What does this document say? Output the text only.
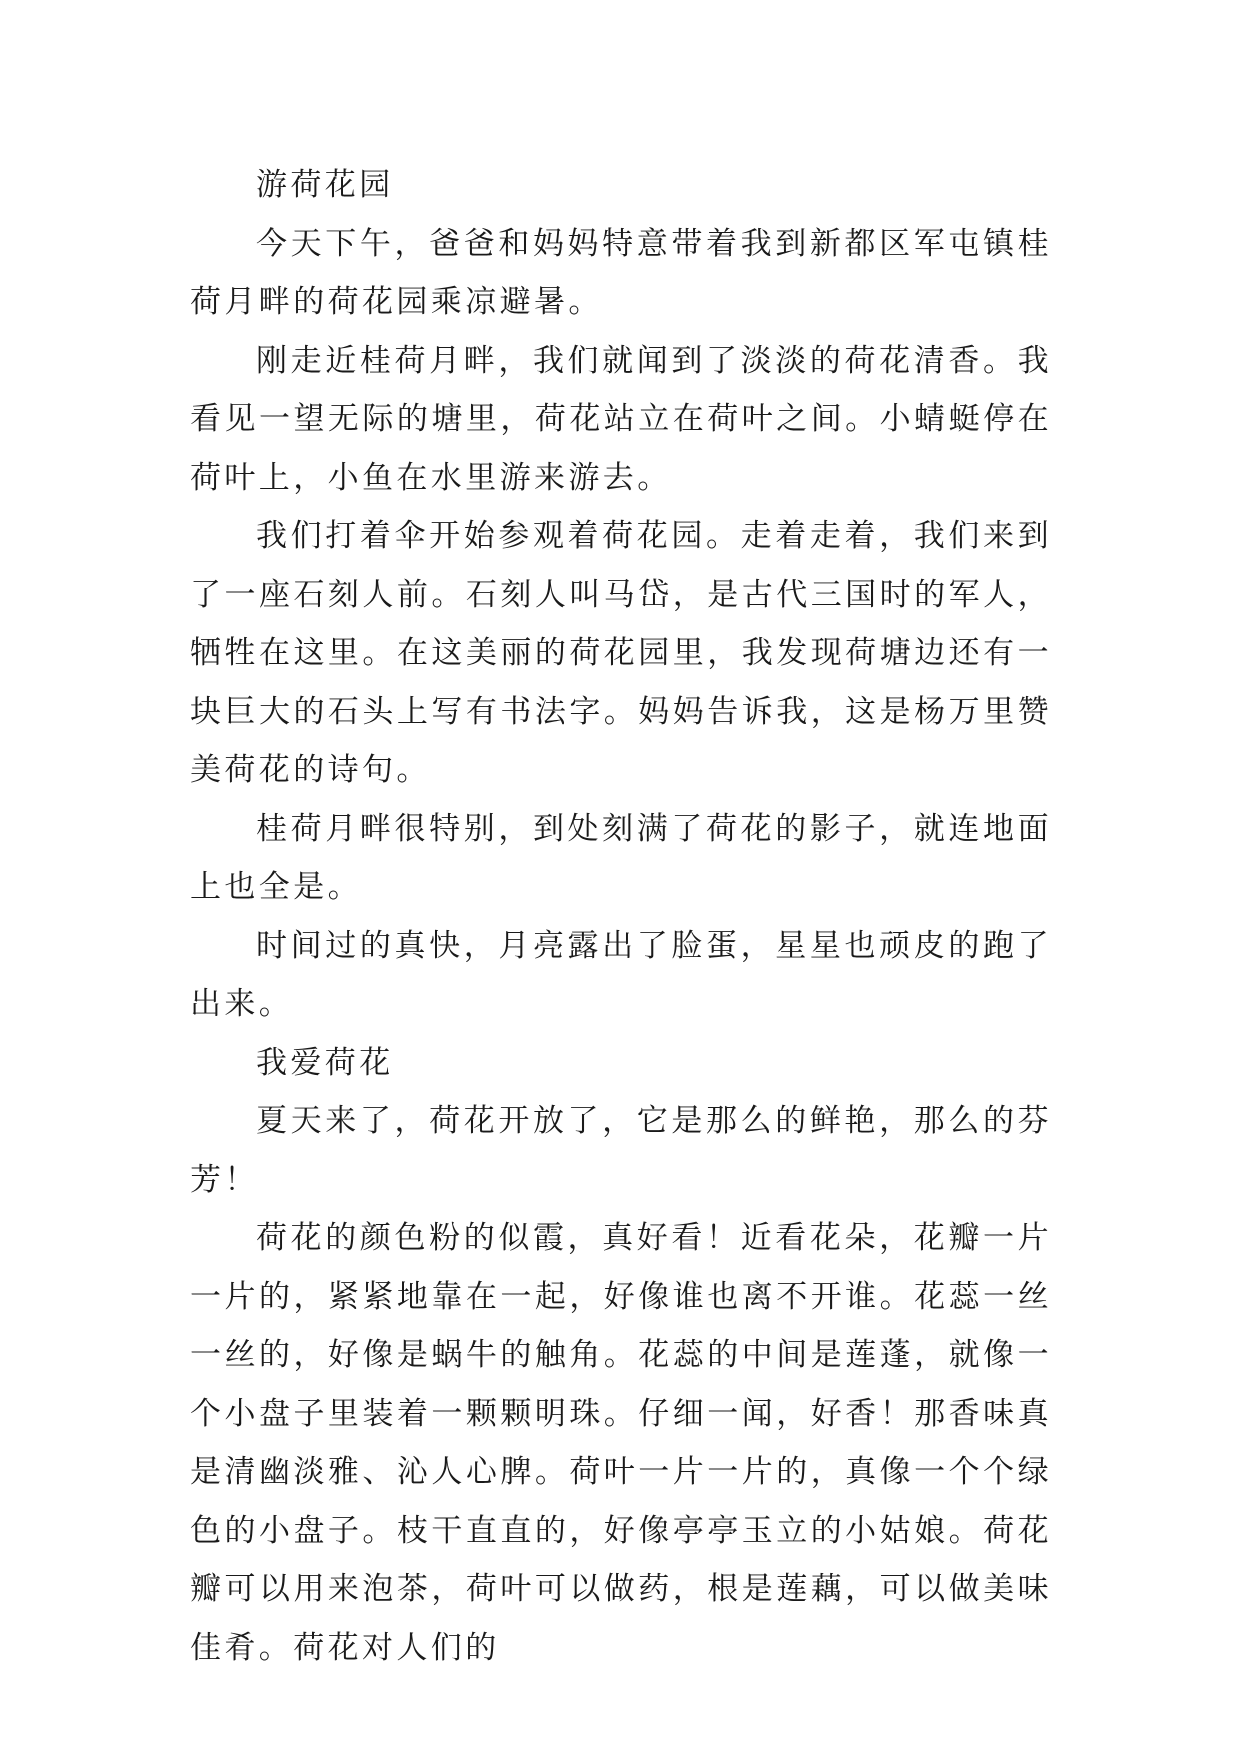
游荷花园

今天下午，爸爸和妈妈特意带着我到新都区军屯镇桂荷月畔的荷花园乘凉避暑。

刚走近桂荷月畔，我们就闻到了淡淡的荷花清香。我看见一望无际的塘里，荷花站立在荷叶之间。小蜻蜓停在荷叶上，小鱼在水里游来游去。

我们打着伞开始参观着荷花园。走着走着，我们来到了一座石刻人前。石刻人叫马岱，是古代三国时的军人，牺牲在这里。在这美丽的荷花园里，我发现荷塘边还有一块巨大的石头上写有书法字。妈妈告诉我，这是杨万里赞美荷花的诗句。

桂荷月畔很特别，到处刻满了荷花的影子，就连地面上也全是。

时间过的真快，月亮露出了脸蛋，星星也顽皮的跑了出来。

我爱荷花

夏天来了，荷花开放了，它是那么的鲜艳，那么的芬芳！

荷花的颜色粉的似霞，真好看！近看花朵，花瓣一片一片的，紧紧地靠在一起，好像谁也离不开谁。花蕊一丝一丝的，好像是蜗牛的触角。花蕊的中间是莲蓬，就像一个小盘子里装着一颗颗明珠。仔细一闻，好香！那香味真是清幽淡雅、沁人心脾。荷叶一片一片的，真像一个个绿色的小盘子。枝干直直的，好像亭亭玉立的小姑娘。荷花瓣可以用来泡茶，荷叶可以做药，根是莲藕，可以做美味佳肴。荷花对人们的
